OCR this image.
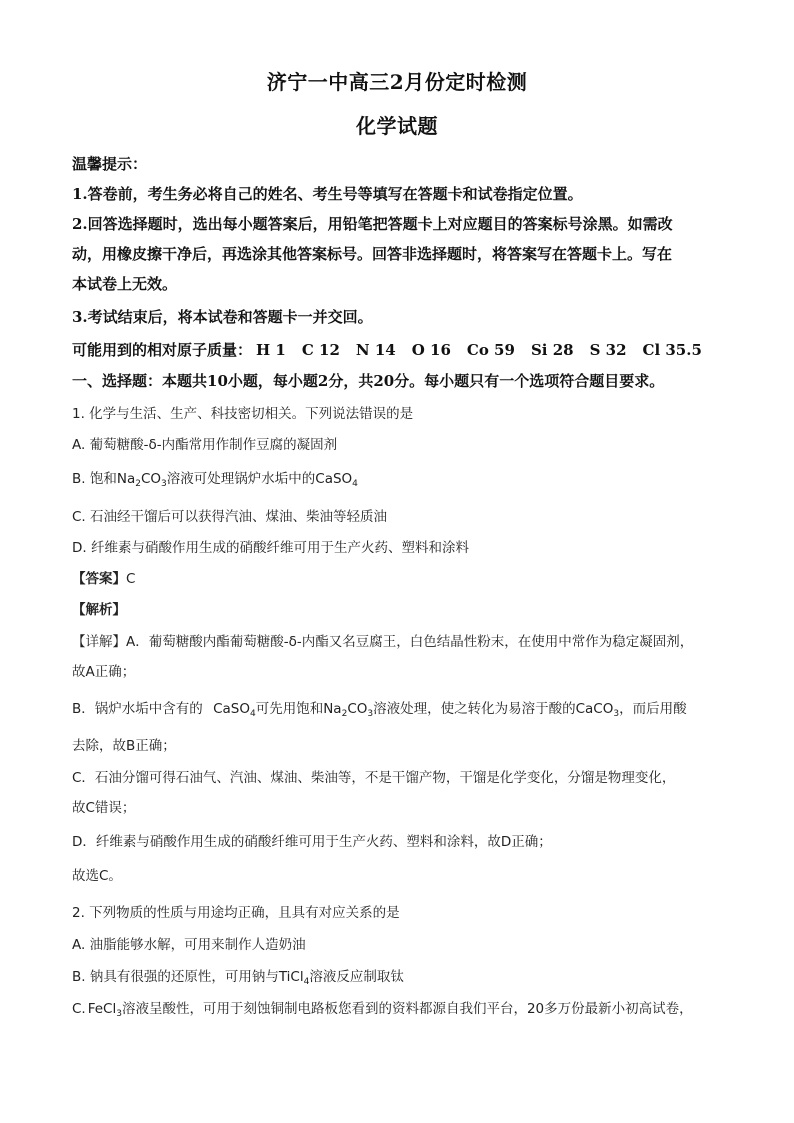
济宁一中高三2月份定时检测
化学试题
温馨提示：
1.答卷前，考生务必将自己的姓名、考生号等填写在答题卡和试卷指定位置。
2.回答选择题时，选出每小题答案后，用铅笔把答题卡上对应题目的答案标号涂黑。如需改
动，用橡皮擦干净后，再选涂其他答案标号。回答非选择题时，将答案写在答题卡上。写在
本试卷上无效。
3.考试结束后，将本试卷和答题卡一并交回。
可能用到的相对原子质量： H 1 C 12 N 14 O 16 Co 59 Si 28 S 32 Cl 35.5
一、选择题：本题共10小题，每小题2分，共20分。每小题只有一个选项符合题目要求。
1. 化学与生活、生产、科技密切相关。下列说法错误的是
A. 葡萄糖酸-δ-内酯常用作制作豆腐的凝固剂
B. 饱和$Na_2CO_3$溶液可处理锅炉水垢中的CaSO$_4$
C. 石油经干馏后可以获得汽油、煤油、柴油等轻质油
D. 纤维素与硝酸作用生成的硝酸纤维可用于生产火药、塑料和涂料
【答案】C
【解析】
【详解】A．葡萄糖酸内酯葡萄糖酸-δ-内酯又名豆腐王，白色结晶性粉末，在使用中常作为稳定凝固剂，
故A正确；
B．锅炉水垢中含有的 CaSO$_4$可先用饱和$Na_2CO_3$溶液处理，使之转化为易溶于酸的CaCO$_3$，而后用酸
去除，故B正确；
C．石油分馏可得石油气、汽油、煤油、柴油等，不是干馏产物，干馏是化学变化，分馏是物理变化，
故C错误；
D．纤维素与硝酸作用生成的硝酸纤维可用于生产火药、塑料和涂料，故D正确；
故选C。
2. 下列物质的性质与用途均正确，且具有对应关系的是
A. 油脂能够水解，可用来制作人造奶油
B. 钠具有很强的还原性，可用钠与TiCl$_4$溶液反应制取钛
C. FeCl$_3$溶液呈酸性，可用于刻蚀铜制电路板您看到的资料都源自我们平台，20多万份最新小初高试卷，
